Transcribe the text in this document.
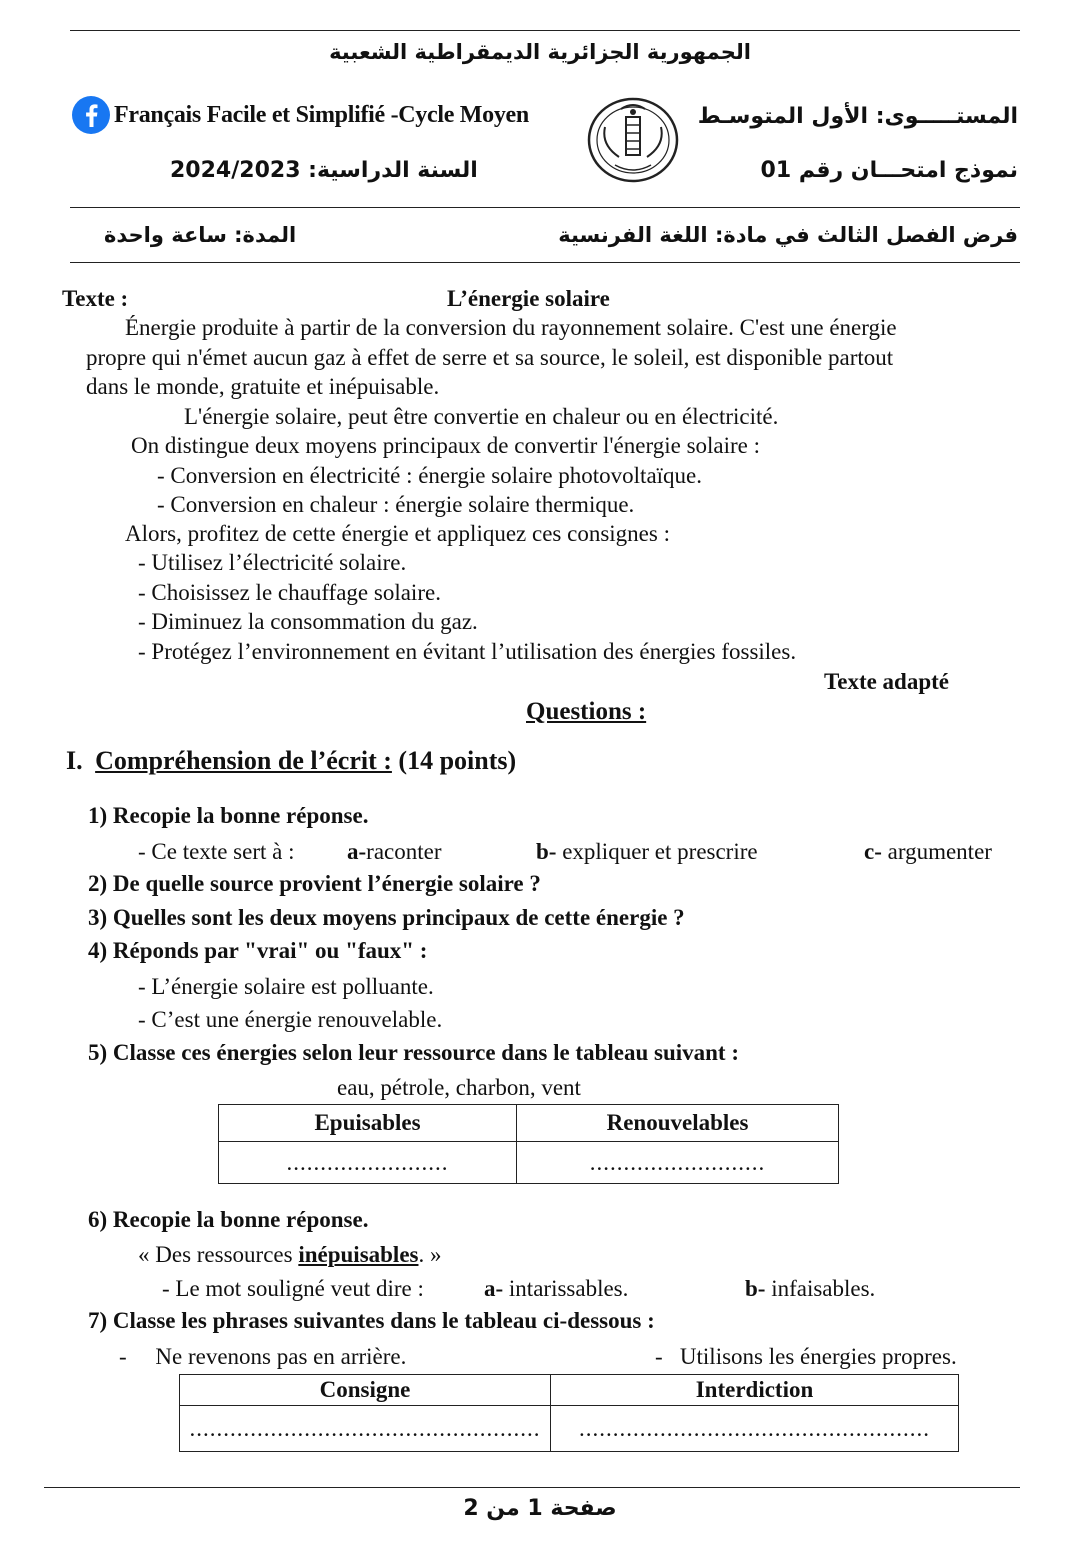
الجمهورية الجزائرية الديمقراطية الشعبية
Français Facile et Simplifié -Cycle Moyen	المستـــــوى: الأول المتوسـط
السنة الدراسية: 2024/2023	نموذج امتحـــان رقم 01
المدة: ساعة واحدة	فرض الفصل الثالث في مادة: اللغة الفرنسية
Texte :	L’énergie solaire
Énergie produite à partir de la conversion du rayonnement solaire. C'est une énergie
propre qui n'émet aucun gaz à effet de serre et sa source, le soleil, est disponible partout
dans le monde, gratuite et inépuisable.
L'énergie solaire, peut être convertie en chaleur ou en électricité.
On distingue deux moyens principaux de convertir l'énergie solaire :
- Conversion en électricité : énergie solaire photovoltaïque.
- Conversion en chaleur : énergie solaire thermique.
Alors, profitez de cette énergie et appliquez ces consignes :
- Utilisez l’électricité solaire.
- Choisissez le chauffage solaire.
- Diminuez la consommation du gaz.
- Protégez l’environnement en évitant l’utilisation des énergies fossiles.
Texte adapté
Questions :
I. Compréhension de l’écrit : (14 points)
1) Recopie la bonne réponse.
- Ce texte sert à : a-raconter	b- expliquer et prescrire	c- argumenter
2) De quelle source provient l’énergie solaire ?
3) Quelles sont les deux moyens principaux de cette énergie ?
4) Réponds par "vrai" ou "faux" :
- L’énergie solaire est polluante.
- C’est une énergie renouvelable.
5) Classe ces énergies selon leur ressource dans le tableau suivant :
eau, pétrole, charbon, vent
Epuisables	Renouvelables
........................	..........................
6) Recopie la bonne réponse.
« Des ressources inépuisables. »
- Le mot souligné veut dire :	a- intarissables.	b- infaisables.
7) Classe les phrases suivantes dans le tableau ci-dessous :
-     Ne revenons pas en arrière.	-   Utilisons les énergies propres.
Consigne	Interdiction
....................................................	....................................................
صفحة 1 من 2
